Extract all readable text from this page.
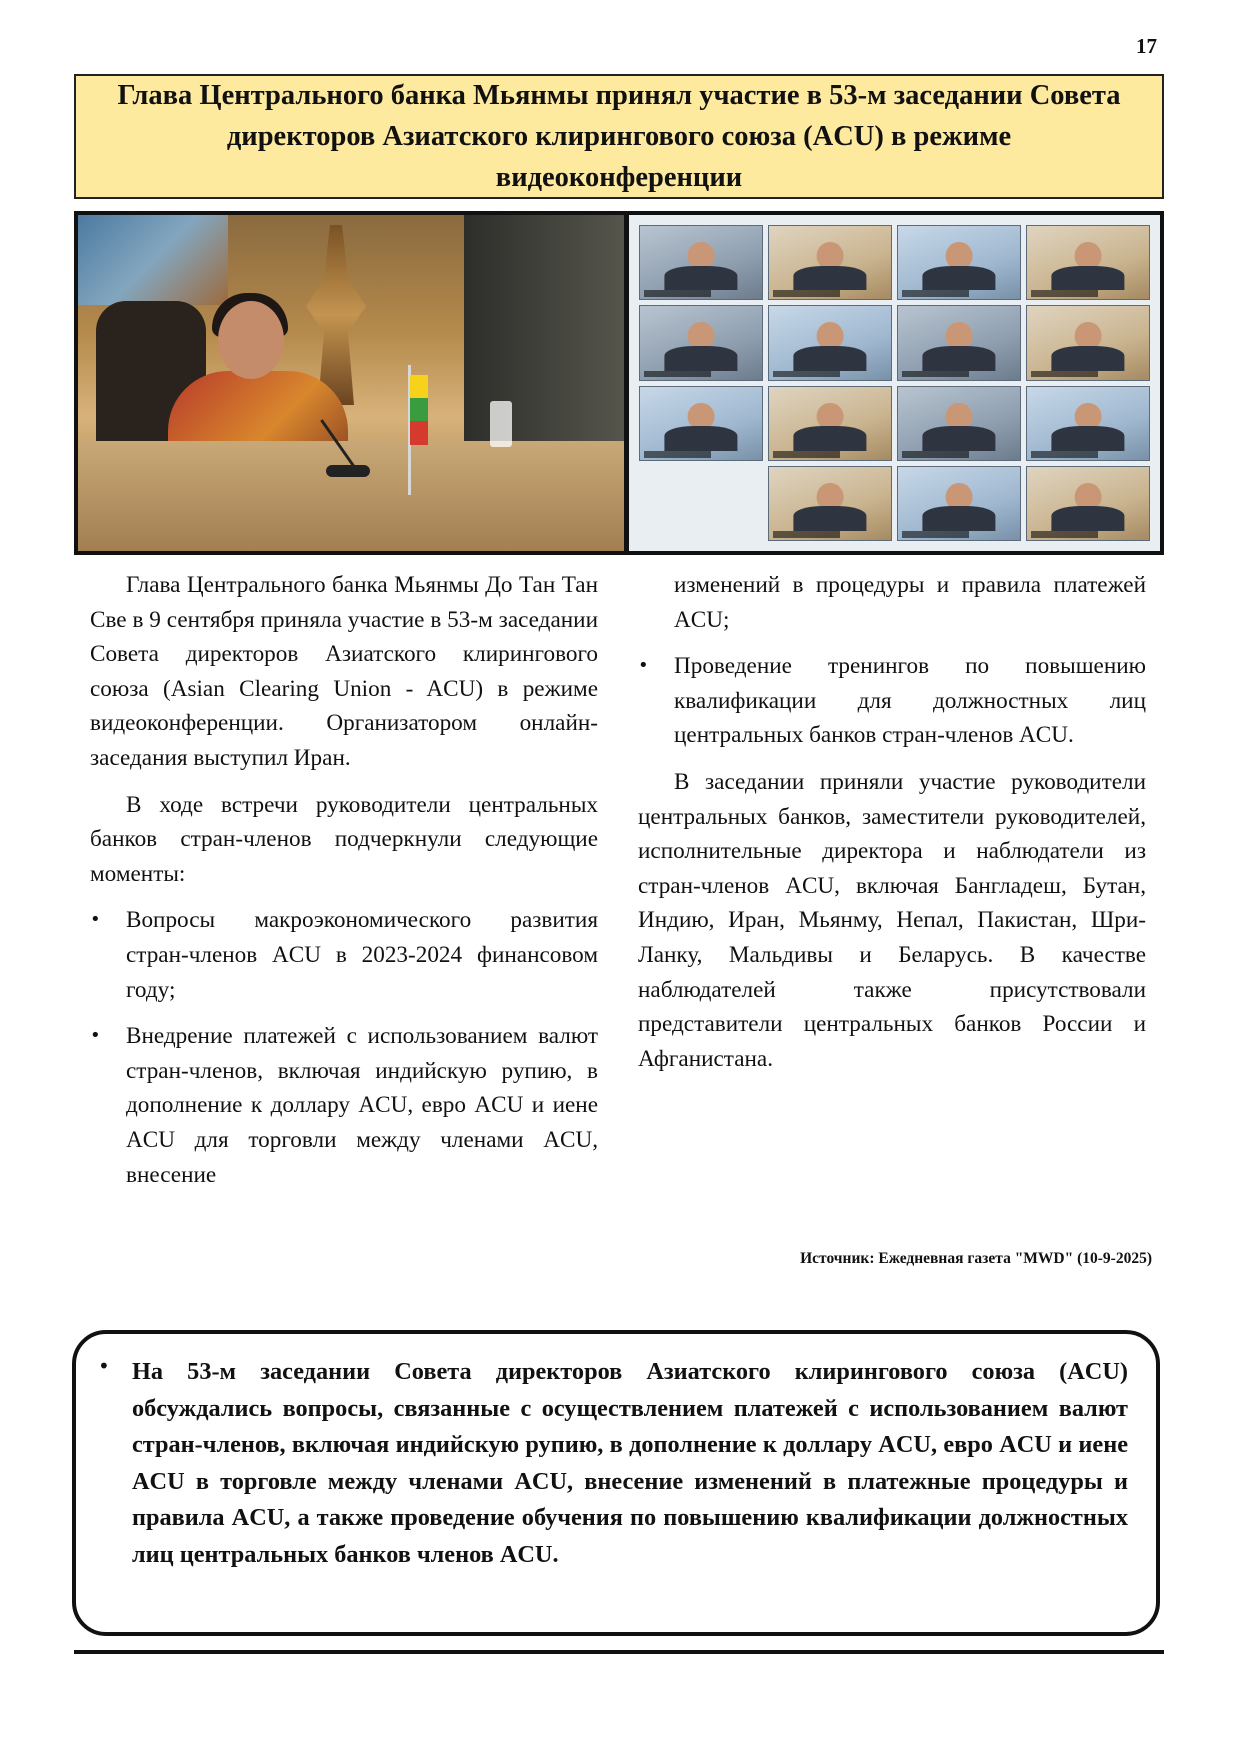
17
Глава Центрального банка Мьянмы принял участие в 53-м заседании Совета директоров Азиатского клирингового союза (ACU) в режиме видеоконференции

Глава Центрального банка Мьянмы До Тан Тан Све в 9 сентября приняла участие в 53-м заседании Совета директоров Азиатского клирингового союза (Asian Clearing Union - ACU) в режиме видеоконференции. Организатором онлайн-заседания выступил Иран.

В ходе встречи руководители центральных банков стран-членов подчеркнули следующие моменты:

• Вопросы макроэкономического развития стран-членов ACU в 2023-2024 финансовом году;
• Внедрение платежей с использованием валют стран-членов, включая индийскую рупию, в дополнение к доллару ACU, евро ACU и иене ACU для торговли между членами ACU, внесение

изменений в процедуры и правила платежей ACU;

• Проведение тренингов по повышению квалификации для должностных лиц центральных банков стран-членов ACU.

В заседании приняли участие руководители центральных банков, заместители руководителей, исполнительные директора и наблюдатели из стран-членов ACU, включая Бангладеш, Бутан, Индию, Иран, Мьянму, Непал, Пакистан, Шри-Ланку, Мальдивы и Беларусь. В качестве наблюдателей также присутствовали представители центральных банков России и Афганистана.

Источник: Ежедневная газета "MWD" (10-9-2025)

• На 53-м заседании Совета директоров Азиатского клирингового союза (ACU) обсуждались вопросы, связанные с осуществлением платежей с использованием валют стран-членов, включая индийскую рупию, в дополнение к доллару ACU, евро ACU и иене ACU в торговле между членами ACU, внесение изменений в платежные процедуры и правила ACU, а также проведение обучения по повышению квалификации должностных лиц центральных банков членов ACU.
